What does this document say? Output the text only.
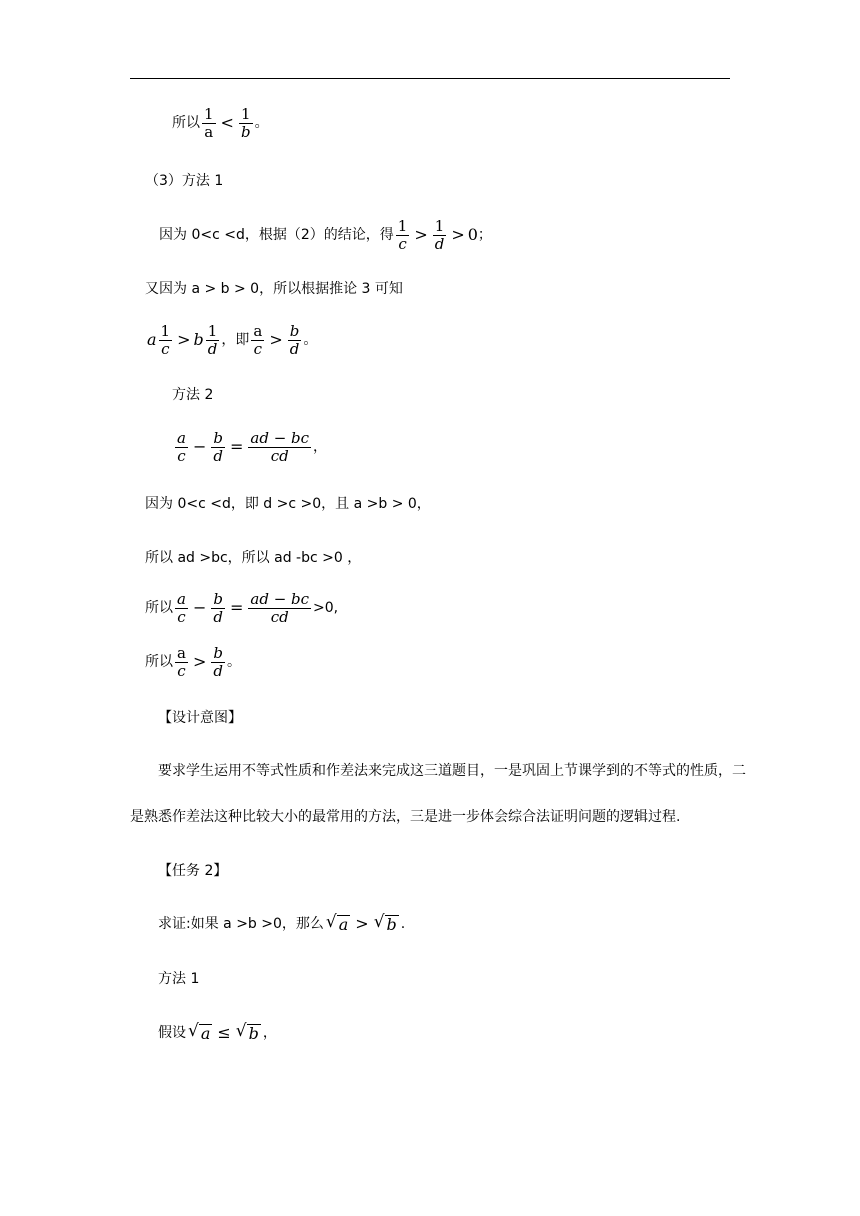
所以 $\frac{1}{a} < \frac{1}{b}$ 。
（3）方法 1
因为 0<c <d，根据（2）的结论，得 $\frac{1}{c} > \frac{1}{d} > 0$ ；
又因为 a > b > 0，所以根据推论 3 可知
a $\frac{1}{c} > b \frac{1}{d}$ ，即 $\frac{a}{c} > \frac{b}{d}$ 。
方法 2
$\frac{a}{c} - \frac{b}{d} = \frac{ad - bc}{cd}$ ，
因为 0<c <d，即 d >c >0，且 a >b > 0，
所以 ad >bc，所以 ad -bc >0 ，
所以 $\frac{a}{c} - \frac{b}{d} = \frac{ad - bc}{cd} >0$,
所以 $\frac{a}{c} > \frac{b}{d}$ 。
【设计意图】
要求学生运用不等式性质和作差法来完成这三道题目，一是巩固上节课学到的不等式的性质，二
是熟悉作差法这种比较大小的最常用的方法，三是进一步体会综合法证明问题的逻辑过程.
【任务 2】
求证:如果 a >b >0，那么 √ a > √ b .
方法 1
假设 √ a ≤ √ b ，
